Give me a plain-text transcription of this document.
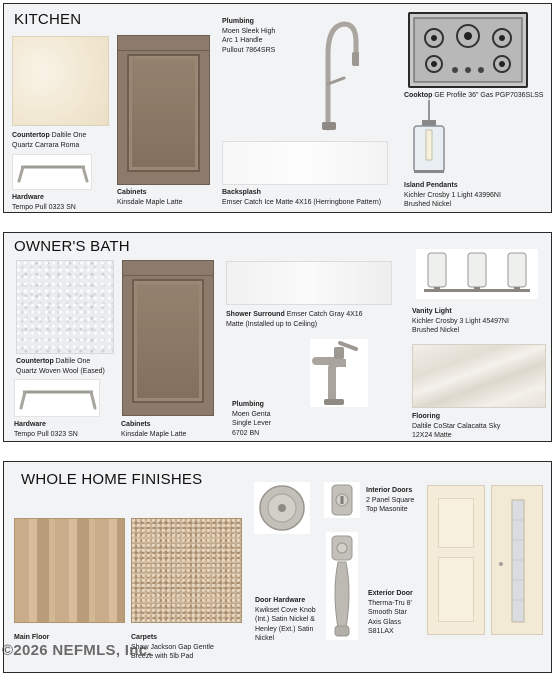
KITCHEN
Countertop Daltile One
Quartz Carrara Roma
Hardware
Tempo Pull 0323 SN
Cabinets
Kinsdale Maple Latte
Plumbing
Moen Sleek High
Arc 1 Handle
Pullout 7864SRS
Backsplash
Emser Catch Ice Matte 4X16 (Herringbone Pattern)
Cooktop GE Profile 36" Gas PGP7036SLSS
Island Pendants
Kichler Crosby 1 Light 43996NI
Brushed Nickel
OWNER'S BATH
Countertop Daltile One
Quartz Woven Wool (Eased)
Hardware
Tempo Pull 0323 SN
Cabinets
Kinsdale Maple Latte
Shower Surround Emser Catch Gray 4X16
Matte (Installed up to Ceiling)
Plumbing
Moen Genta
Single Lever
6702 BN
Vanity Light
Kichler Crosby 3 Light 45497NI
Brushed Nickel
Flooring
Daltile CoStar Calacatta Sky
12X24 Matte
WHOLE HOME FINISHES
Main Floor	Carpets
Shaw Jackson Gap Gentle
Breeze with 5lb Pad
Door Hardware
Kwikset Cove Knob
(Int.) Satin Nickel &
Henley (Ext.) Satin
Nickel
Interior Doors
2 Panel Square
Top Masonite
Exterior Door
Therma-Tru 8'
Smooth Star
Axis Glass
S81LAX
©2026 NEFMLS, Inc.
